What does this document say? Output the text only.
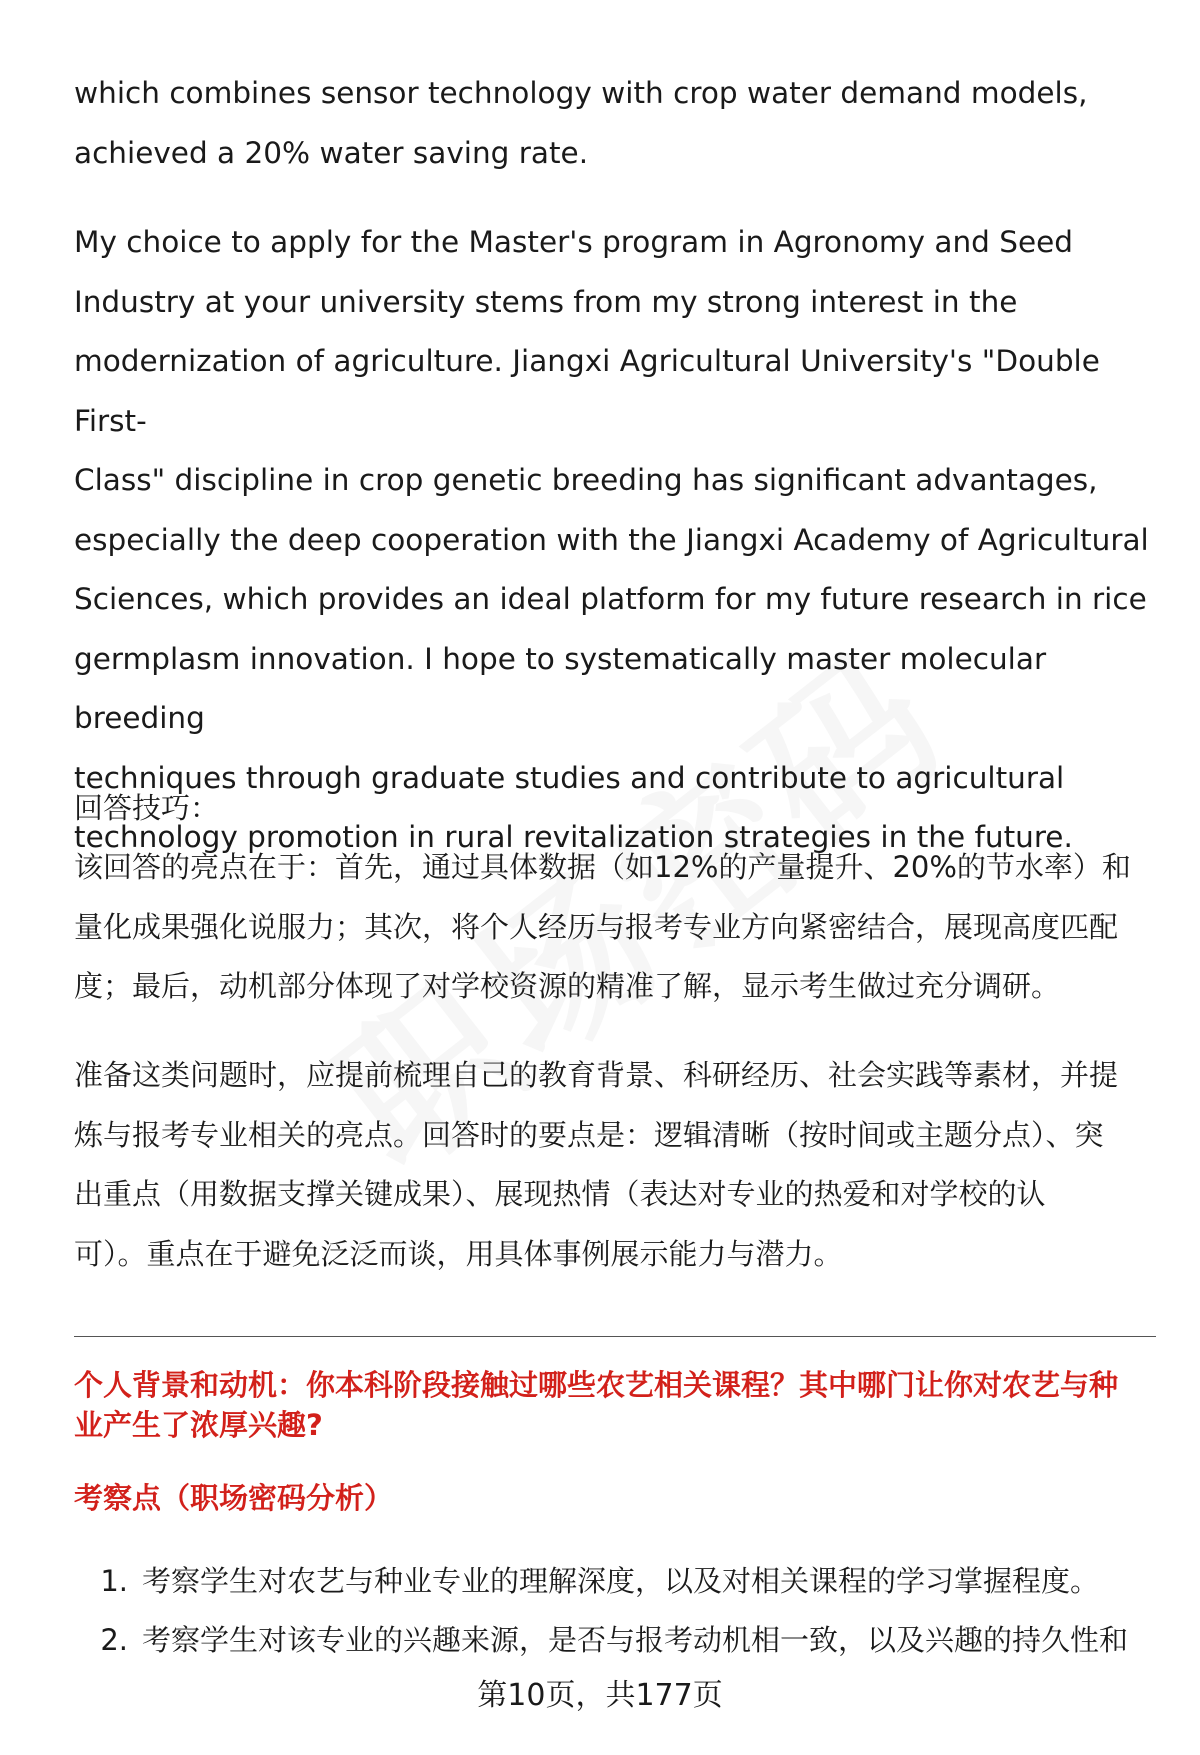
which combines sensor technology with crop water demand models,
achieved a 20% water saving rate.
My choice to apply for the Master's program in Agronomy and Seed
Industry at your university stems from my strong interest in the
modernization of agriculture. Jiangxi Agricultural University's "Double First-
Class" discipline in crop genetic breeding has significant advantages,
especially the deep cooperation with the Jiangxi Academy of Agricultural
Sciences, which provides an ideal platform for my future research in rice
germplasm innovation. I hope to systematically master molecular breeding
techniques through graduate studies and contribute to agricultural
technology promotion in rural revitalization strategies in the future.
回答技巧：
该回答的亮点在于：首先，通过具体数据（如12%的产量提升、20%的节水率）和
量化成果强化说服力；其次，将个人经历与报考专业方向紧密结合，展现高度匹配
度；最后，动机部分体现了对学校资源的精准了解，显示考生做过充分调研。
准备这类问题时，应提前梳理自己的教育背景、科研经历、社会实践等素材，并提
炼与报考专业相关的亮点。回答时的要点是：逻辑清晰（按时间或主题分点）、突
出重点（用数据支撑关键成果）、展现热情（表达对专业的热爱和对学校的认
可）。重点在于避免泛泛而谈，用具体事例展示能力与潜力。
个人背景和动机：你本科阶段接触过哪些农艺相关课程？其中哪门让你对农艺与种
业产生了浓厚兴趣?
考察点（职场密码分析）
1. 考察学生对农艺与种业专业的理解深度，以及对相关课程的学习掌握程度。
2. 考察学生对该专业的兴趣来源，是否与报考动机相一致，以及兴趣的持久性和
第10页，共177页
